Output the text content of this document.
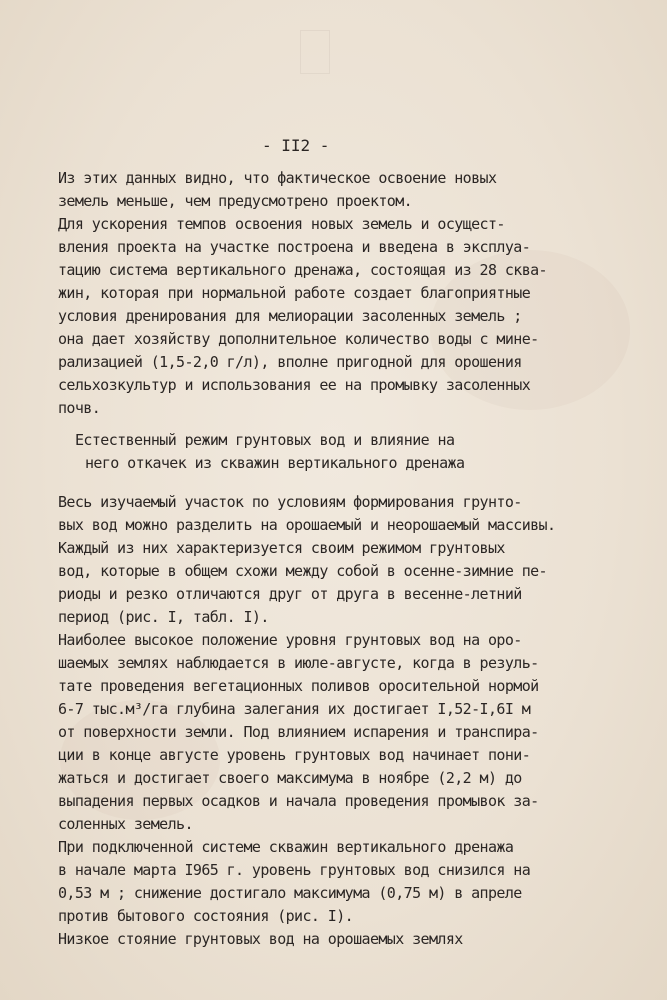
- II2 -
Из этих данных видно, что фактическое освоение новых
земель меньше, чем предусмотрено проектом.
Для ускорения темпов освоения новых земель и осущест-
вления проекта на участке построена и введена в эксплуа-
тацию система вертикального дренажа, состоящая из 28 сква-
жин, которая при нормальной работе создает благоприятные
условия дренирования для мелиорации засоленных земель ;
она дает хозяйству дополнительное количество воды с мине-
рализацией (1,5-2,0 г/л), вполне пригодной для орошения
сельхозкультур и использования ее на промывку засоленных
почв.
Естественный режим грунтовых вод и влияние на
него откачек из скважин вертикального дренажа
Весь изучаемый участок по условиям формирования грунто-
вых вод можно разделить на орошаемый и неорошаемый массивы.
Каждый из них характеризуется своим режимом грунтовых
вод, которые в общем схожи между собой в осенне-зимние пе-
риоды и резко отличаются друг от друга в весенне-летний
период (рис. I, табл. I).
Наиболее высокое положение уровня грунтовых вод на оро-
шаемых землях наблюдается в июле-августе, когда в резуль-
тате проведения вегетационных поливов оросительной нормой
6-7 тыс.м³/га глубина залегания их достигает I,52-I,6I м
от поверхности земли. Под влиянием испарения и транспира-
ции в конце августе уровень грунтовых вод начинает пони-
жаться и достигает своего максимума в ноябре (2,2 м) до
выпадения первых осадков и начала проведения промывок за-
соленных земель.
При подключенной системе скважин вертикального дренажа
в начале марта I965 г. уровень грунтовых вод снизился на
0,53 м ; снижение достигало максимума (0,75 м) в апреле
против бытового состояния (рис. I).
Низкое стояние грунтовых вод на орошаемых землях
